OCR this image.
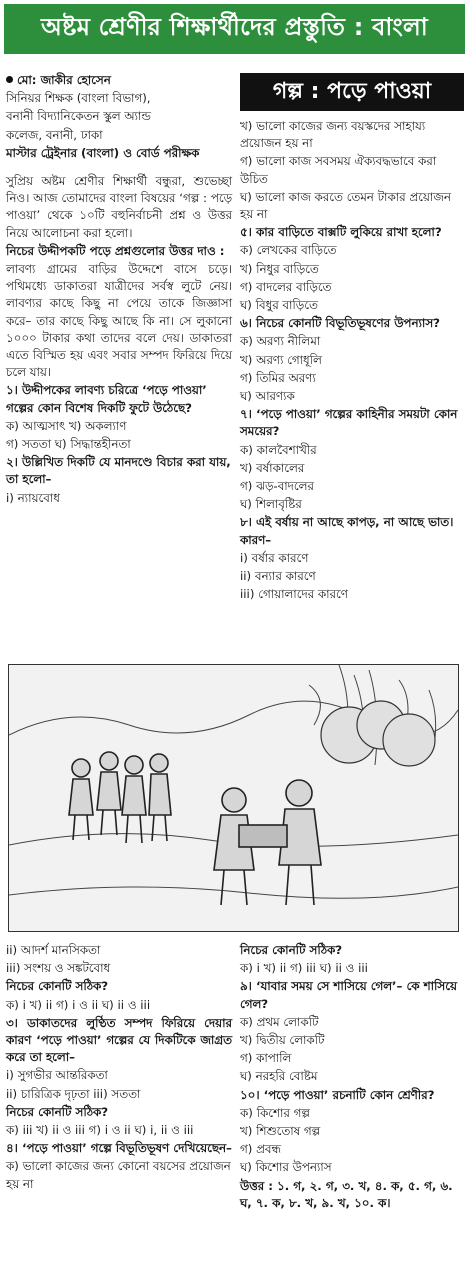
অষ্টম শ্রেণীর শিক্ষার্থীদের প্রস্তুতি : বাংলা

মো: জাকীর হোসেন

সিনিয়র শিক্ষক (বাংলা বিভাগ),

বনানী বিদ্যানিকেতন স্কুল অ্যান্ড

কলেজ, বনানী, ঢাকা

মাস্টার ট্রেইনার (বাংলা) ও বোর্ড পরীক্ষক

সুপ্রিয় অষ্টম শ্রেণীর শিক্ষার্থী বন্ধুরা, শুভেচ্ছা নিও। আজ তোমাদের বাংলা বিষয়ের ‘গল্প : পড়ে পাওয়া’ থেকে ১০টি বহুনির্বাচনী প্রশ্ন ও উত্তর নিয়ে আলোচনা করা হলো।

নিচের উদ্দীপকটি পড়ে প্রশ্নগুলোর উত্তর দাও :

লাবণ্য গ্রামের বাড়ির উদ্দেশে বাসে চড়ে। পথিমধ্যে ডাকাতরা যাত্রীদের সর্বস্ব লুটে নেয়। লাবণ্যর কাছে কিছু না পেয়ে তাকে জিজ্ঞাসা করে– তার কাছে কিছু আছে কি না। সে লুকানো ১০০০ টাকার কথা তাদের বলে দেয়। ডাকাতরা এতে বিস্মিত হয় এবং সবার সম্পদ ফিরিয়ে দিয়ে চলে যায়।

১। উদ্দীপকের লাবণ্য চরিত্রে ‘পড়ে পাওয়া’ গল্পের কোন বিশেষ দিকটি ফুটে উঠেছে?

ক) আত্মসাৎ খ) অকল্যাণ

গ) সততা ঘ) সিদ্ধান্তহীনতা

২। উল্লিখিত দিকটি যে মানদণ্ডে বিচার করা যায়, তা হলো–

i) ন্যায়বোধ

গল্প : পড়ে পাওয়া

খ) ভালো কাজের জন্য বয়স্কদের সাহায্য প্রয়োজন হয় না

গ) ভালো কাজ সবসময় ঐক্যবদ্ধভাবে করা উচিত

ঘ) ভালো কাজ করতে তেমন টাকার প্রয়োজন হয় না

৫। কার বাড়িতে বাক্সটি লুকিয়ে রাখা হলো?

ক) লেখকের বাড়িতে

খ) নিধুর বাড়িতে

গ) বাদলের বাড়িতে

ঘ) বিধুর বাড়িতে

৬। নিচের কোনটি বিভূতিভূষণের উপন্যাস?

ক) অরণ্য নীলিমা

খ) অরণ্য গোধূলি

গ) তিমির অরণ্য

ঘ) আরণ্যক

৭। ‘পড়ে পাওয়া’ গল্পের কাহিনীর সময়টা কোন সময়ের?

ক) কালবৈশাখীর

খ) বর্ষাকালের

গ) ঝড়-বাদলের

ঘ) শিলাবৃষ্টির

৮। এই বর্ষায় না আছে কাপড়, না আছে ভাত। কারণ–

i) বর্ষার কারণে

ii) বন্যার কারণে

iii) গোয়ালাদের কারণে

ii) আদর্শ মানসিকতা

iii) সংশয় ও সঙ্কটবোধ

নিচের কোনটি সঠিক?

ক) i খ) ii গ) i ও ii ঘ) ii ও iii

৩। ডাকাতদের লুণ্ঠিত সম্পদ ফিরিয়ে দেয়ার কারণ ‘পড়ে পাওয়া’ গল্পের যে দিকটিকে জাগ্রত করে তা হলো–

i) সুগভীর আন্তরিকতা

ii) চারিত্রিক দৃঢ়তা iii) সততা

নিচের কোনটি সঠিক?

ক) iii খ) ii ও iii গ) i ও ii ঘ) i, ii ও iii

৪। ‘পড়ে পাওয়া’ গল্পে বিভূতিভূষণ দেখিয়েছেন–

ক) ভালো কাজের জন্য কোনো বয়সের প্রয়োজন হয় না

নিচের কোনটি সঠিক?

ক) i খ) ii গ) iii ঘ) ii ও iii

৯। ‘যাবার সময় সে শাসিয়ে গেল’– কে শাসিয়ে গেল?

ক) প্রথম লোকটি

খ) দ্বিতীয় লোকটি

গ) কাপালি

ঘ) নরহরি বোষ্টম

১০। ‘পড়ে পাওয়া’ রচনাটি কোন শ্রেণীর?

ক) কিশোর গল্প

খ) শিশুতোষ গল্প

গ) প্রবন্ধ

ঘ) কিশোর উপন্যাস

উত্তর : ১. গ, ২. গ, ৩. খ, ৪. ক, ৫. গ, ৬. ঘ, ৭. ক, ৮. খ, ৯. খ, ১০. ক।
